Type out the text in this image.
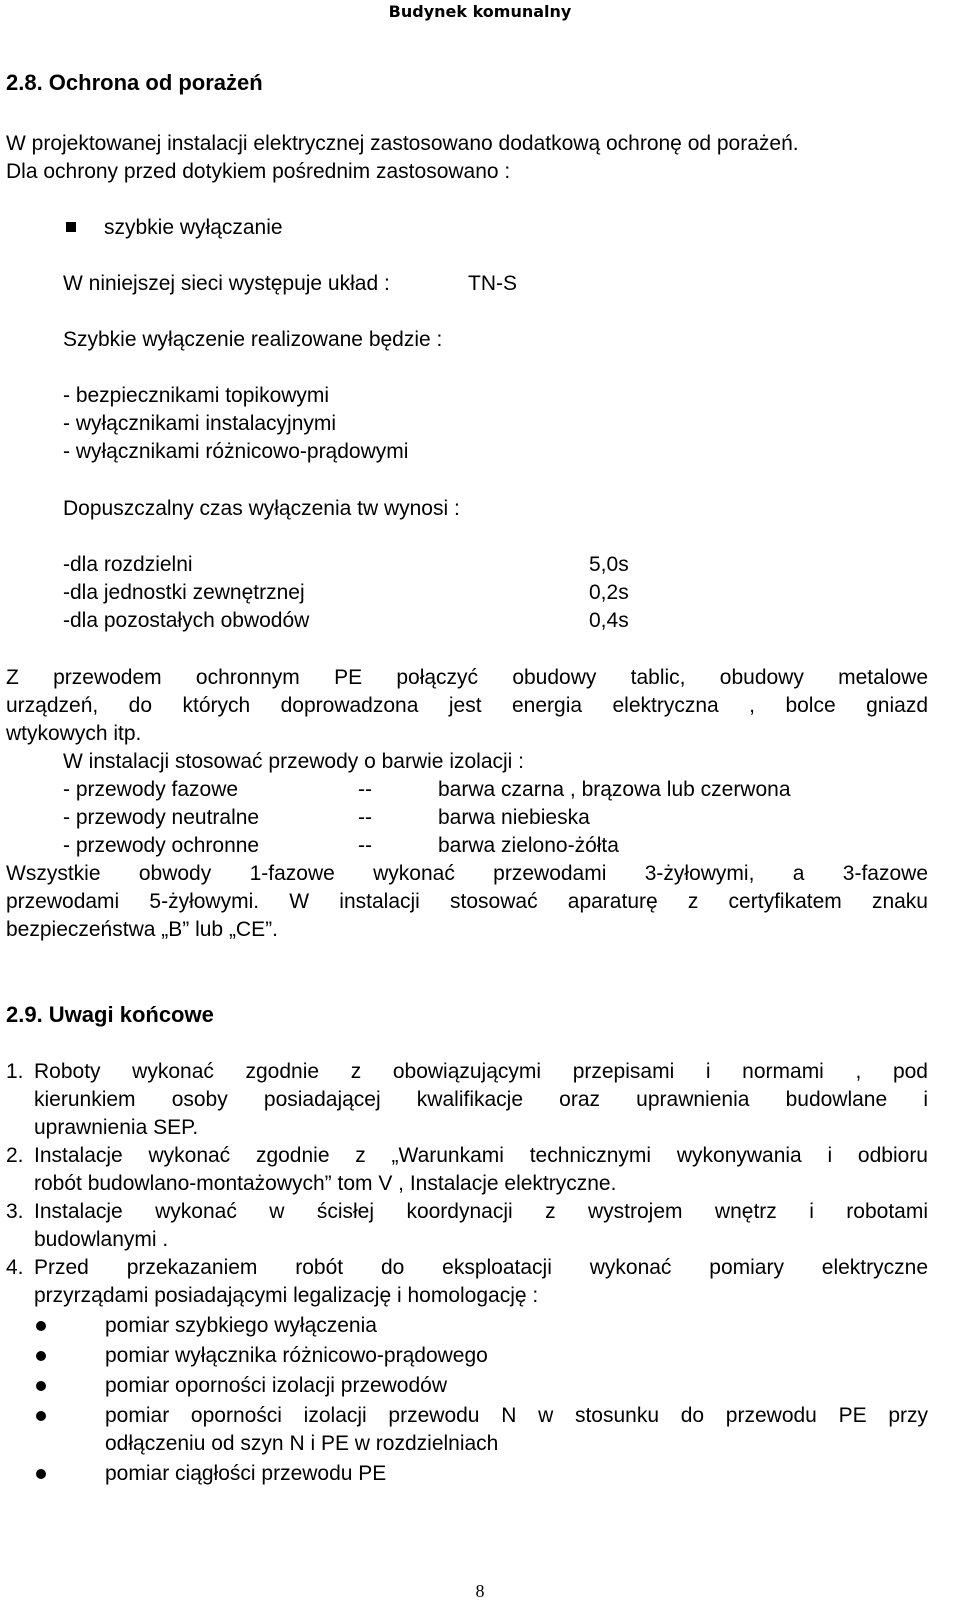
Budynek komunalny
2.8. Ochrona od porażeń
W projektowanej instalacji elektrycznej zastosowano dodatkową ochronę od porażeń.
Dla ochrony przed dotykiem pośrednim zastosowano :
szybkie wyłączanie
W niniejszej sieci występuje układ :	TN-S
Szybkie wyłączenie realizowane będzie :
- bezpiecznikami topikowymi
- wyłącznikami instalacyjnymi
- wyłącznikami różnicowo-prądowymi
Dopuszczalny czas wyłączenia tw wynosi :
-dla rozdzielni	5,0s
-dla jednostki zewnętrznej	0,2s
-dla pozostałych obwodów	0,4s
Z przewodem ochronnym PE połączyć obudowy tablic, obudowy metalowe
urządzeń, do których doprowadzona jest energia elektryczna , bolce gniazd
wtykowych itp.
W instalacji stosować przewody o barwie izolacji :
- przewody fazowe	--	barwa czarna , brązowa lub czerwona
- przewody neutralne	--	barwa niebieska
- przewody ochronne	--	barwa zielono-żółta
Wszystkie obwody 1-fazowe wykonać przewodami 3-żyłowymi, a 3-fazowe
przewodami 5-żyłowymi. W instalacji stosować aparaturę z certyfikatem znaku
bezpieczeństwa „B” lub „CE”.
2.9. Uwagi końcowe
1. Roboty wykonać zgodnie z obowiązującymi przepisami i normami , pod
kierunkiem osoby posiadającej kwalifikacje oraz uprawnienia budowlane i
uprawnienia SEP.
2. Instalacje wykonać zgodnie z „Warunkami technicznymi wykonywania i odbioru
robót budowlano-montażowych” tom V , Instalacje elektryczne.
3. Instalacje wykonać w ścisłej koordynacji z wystrojem wnętrz i robotami
budowlanymi .
4. Przed przekazaniem robót do eksploatacji wykonać pomiary elektryczne
przyrządami posiadającymi legalizację i homologację :
pomiar szybkiego wyłączenia
pomiar wyłącznika różnicowo-prądowego
pomiar oporności izolacji przewodów
pomiar oporności izolacji przewodu N w stosunku do przewodu PE przy
odłączeniu od szyn N i PE w rozdzielniach
pomiar ciągłości przewodu PE
8
